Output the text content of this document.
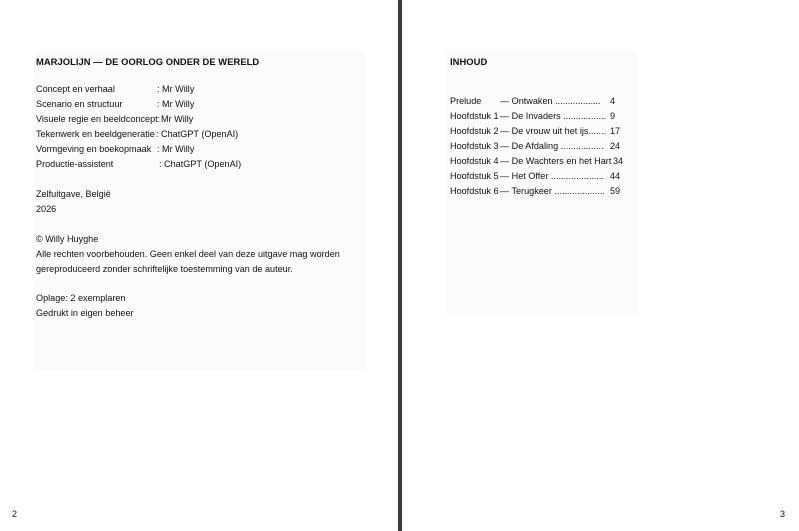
MARJOLIJN — DE OORLOG ONDER DE WERELD
Concept en verhaal	: Mr Willy
Scenario en structuur	: Mr Willy
Visuele regie en beeldconcept: Mr Willy
Tekenwerk en beeldgeneratie : ChatGPT (OpenAI)
Vormgeving en boekopmaak : Mr Willy
Productie-assistent	: ChatGPT (OpenAI)
Zelfuitgave, België
2026
© Willy Huyghe
Alle rechten voorbehouden. Geen enkel deel van deze uitgave mag worden
gereproduceerd zonder schriftelijke toestemming van de auteur.
Oplage: 2 exemplaren
Gedrukt in eigen beheer
2
INHOUD
Prelude — Ontwaken .................. 4
Hoofdstuk 1 — De Invaders ................. 9
Hoofdstuk 2 — De vrouw uit het ijs....... 17
Hoofdstuk 3 — De Afdaling ................. 24
Hoofdstuk 4 — De Wachters en het Hart 34
Hoofdstuk 5 — Het Offer ..................... 44
Hoofdstuk 6 — Terugkeer .................... 59
3
